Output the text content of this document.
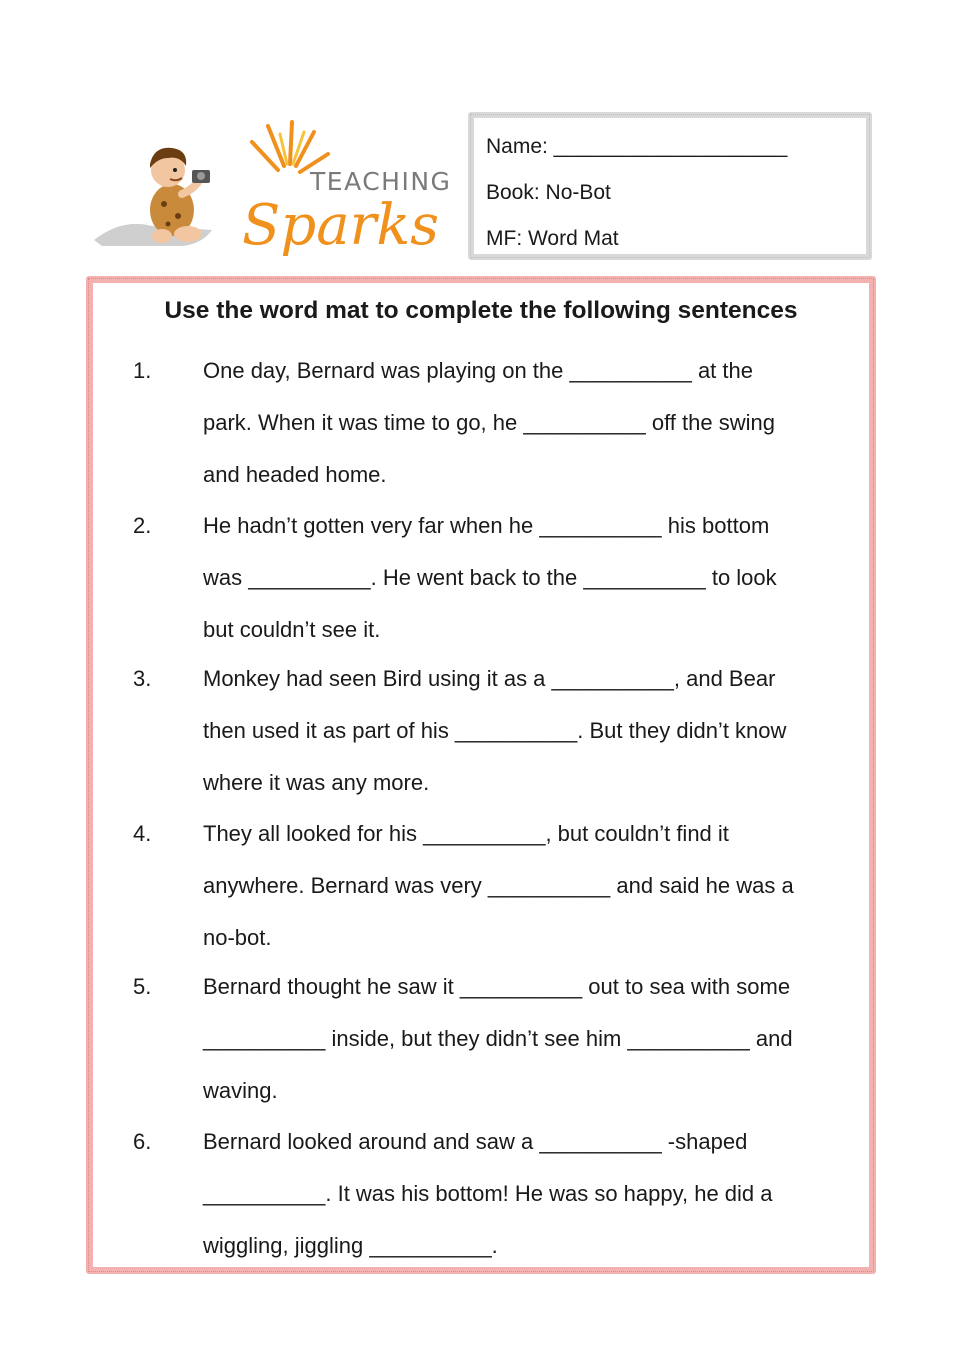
TEACHING
Sparks
Name: ____________________
Book: No-Bot
MF: Word Mat
Use the word mat to complete the following sentences
1. One day, Bernard was playing on the __________ at the
park. When it was time to go, he __________ off the swing
and headed home.
2. He hadn’t gotten very far when he __________ his bottom
was __________. He went back to the __________ to look
but couldn’t see it.
3. Monkey had seen Bird using it as a __________, and Bear
then used it as part of his __________. But they didn’t know
where it was any more.
4. They all looked for his __________, but couldn’t find it
anywhere. Bernard was very __________ and said he was a
no-bot.
5. Bernard thought he saw it __________ out to sea with some
__________ inside, but they didn’t see him __________ and
waving.
6. Bernard looked around and saw a __________ -shaped
__________. It was his bottom! He was so happy, he did a
wiggling, jiggling __________.
